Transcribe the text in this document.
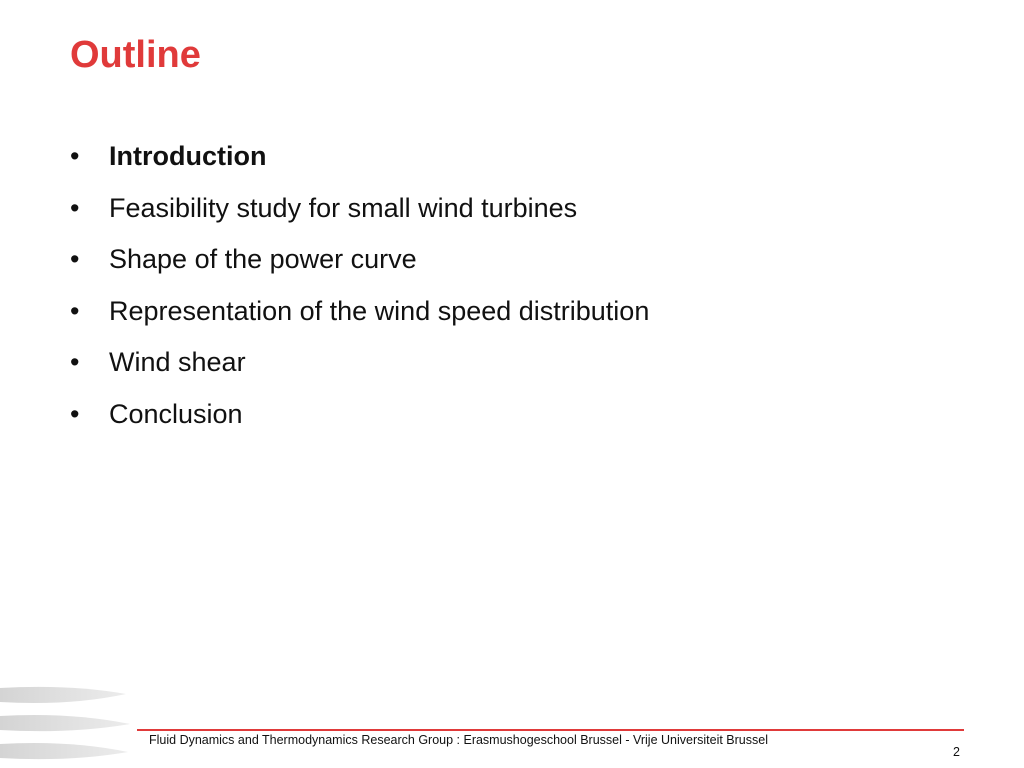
Outline
•	Introduction
•	Feasibility study for small wind turbines
•	Shape of the power curve
•	Representation of the wind speed distribution
•	Wind shear
•	Conclusion
Fluid Dynamics and Thermodynamics Research Group : Erasmushogeschool Brussel - Vrije Universiteit Brussel
2
